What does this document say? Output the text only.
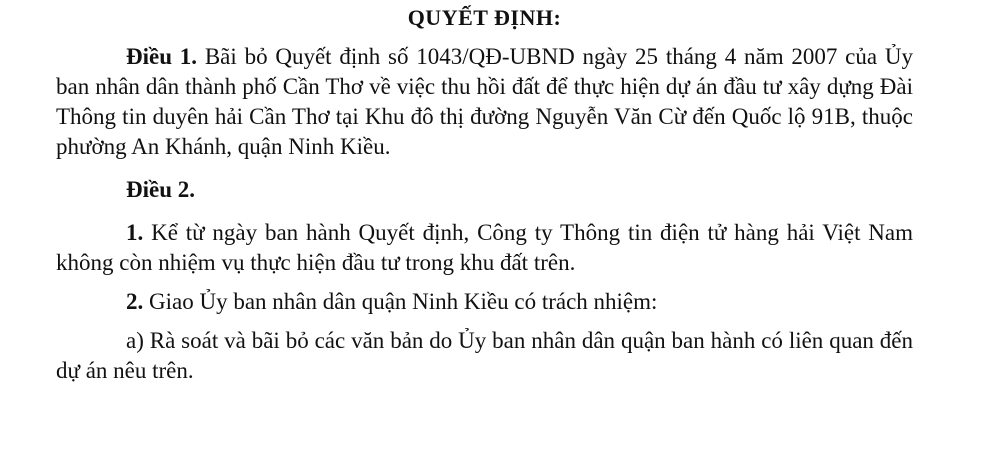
QUYẾT ĐỊNH:

Điều 1. Bãi bỏ Quyết định số 1043/QĐ-UBND ngày 25 tháng 4 năm 2007 của Ủy ban nhân dân thành phố Cần Thơ về việc thu hồi đất để thực hiện dự án đầu tư xây dựng Đài Thông tin duyên hải Cần Thơ tại Khu đô thị đường Nguyễn Văn Cừ đến Quốc lộ 91B, thuộc phường An Khánh, quận Ninh Kiều.

Điều 2.

1. Kể từ ngày ban hành Quyết định, Công ty Thông tin điện tử hàng hải Việt Nam không còn nhiệm vụ thực hiện đầu tư trong khu đất trên.

2. Giao Ủy ban nhân dân quận Ninh Kiều có trách nhiệm:

a) Rà soát và bãi bỏ các văn bản do Ủy ban nhân dân quận ban hành có liên quan đến dự án nêu trên.
